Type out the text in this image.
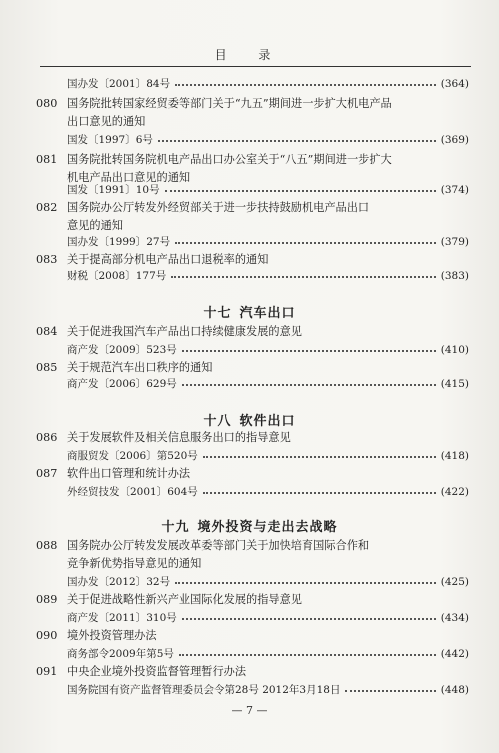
目 录
国办发〔2001〕84号	(364)
080 国务院批转国家经贸委等部门关于“九五”期间进一步扩大机电产品
出口意见的通知
国发〔1997〕6号	(369)
081 国务院批转国务院机电产品出口办公室关于“八五”期间进一步扩大
机电产品出口意见的通知
国发〔1991〕10号	(374)
082 国务院办公厅转发外经贸部关于进一步扶持鼓励机电产品出口
意见的通知
国办发〔1999〕27号	(379)
083 关于提高部分机电产品出口退税率的通知
财税〔2008〕177号	(383)
十七 汽车出口
084 关于促进我国汽车产品出口持续健康发展的意见
商产发〔2009〕523号	(410)
085 关于规范汽车出口秩序的通知
商产发〔2006〕629号	(415)
十八 软件出口
086 关于发展软件及相关信息服务出口的指导意见
商服贸发〔2006〕第520号	(418)
087 软件出口管理和统计办法
外经贸技发〔2001〕604号	(422)
十九 境外投资与走出去战略
088 国务院办公厅转发发展改革委等部门关于加快培育国际合作和
竞争新优势指导意见的通知
国办发〔2012〕32号	(425)
089 关于促进战略性新兴产业国际化发展的指导意见
商产发〔2011〕310号	(434)
090 境外投资管理办法
商务部令2009年第5号	(442)
091 中央企业境外投资监督管理暂行办法
国务院国有资产监督管理委员会令第28号 2012年3月18日	(448)
— 7 —
